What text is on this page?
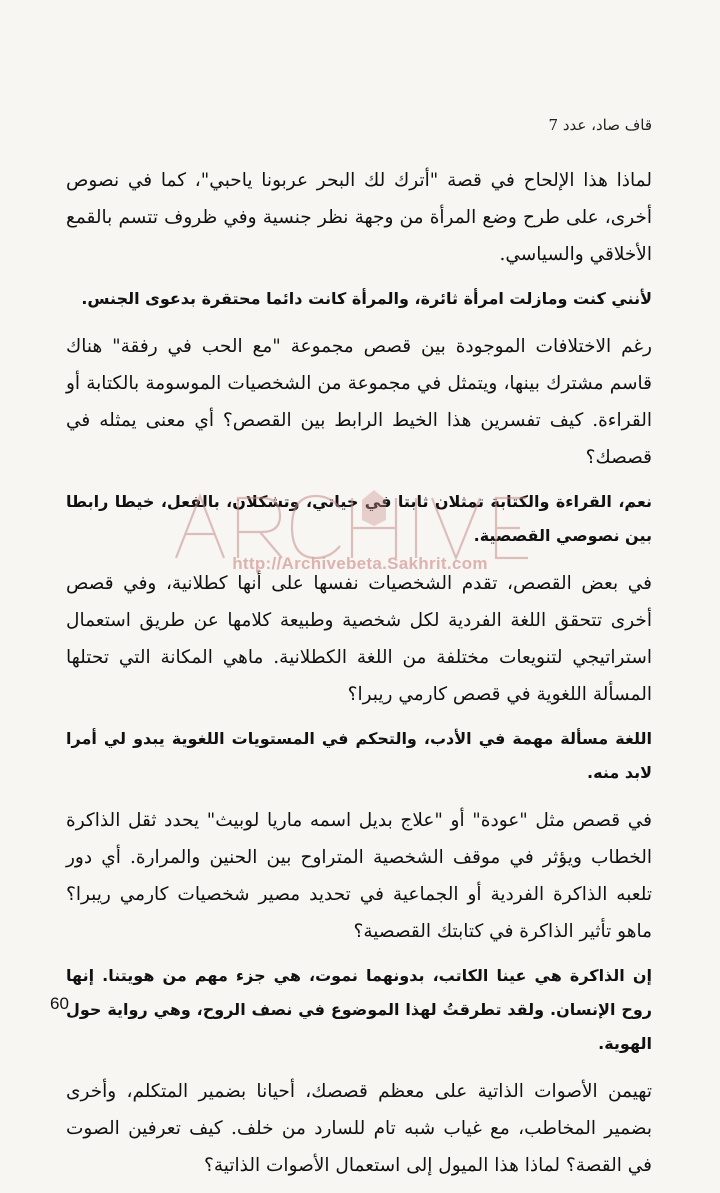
قاف صاد، عدد 7

لماذا هذا الإلحاح في قصة "أترك لك البحر عربونا ياحبي"، كما في نصوص أخرى، على طرح وضع المرأة من وجهة نظر جنسية وفي ظروف تتسم بالقمع الأخلاقي والسياسي.

لأنني كنت ومازلت امرأة ثائرة، والمرأة كانت دائما محتقرة بدعوى الجنس.

رغم الاختلافات الموجودة بين قصص مجموعة "مع الحب في رفقة" هناك قاسم مشترك بينها، ويتمثل في مجموعة من الشخصيات الموسومة بالكتابة أو القراءة. كيف تفسرين هذا الخيط الرابط بين القصص؟ أي معنى يمثله في قصصك؟

نعم، القراءة والكتابة تمثلان ثابتا في حياتي، وتشكلان، بالفعل، خيطا رابطا بين نصوصي القصصية.

في بعض القصص، تقدم الشخصيات نفسها على أنها كطلانية، وفي قصص أخرى تتحقق اللغة الفردية لكل شخصية وطبيعة كلامها عن طريق استعمال استراتيجي لتنويعات مختلفة من اللغة الكطلانية. ماهي المكانة التي تحتلها المسألة اللغوية في قصص كارمي ريبرا؟

اللغة مسألة مهمة في الأدب، والتحكم في المستويات اللغوية يبدو لي أمرا لابد منه.

في قصص مثل "عودة" أو "علاج بديل اسمه ماريا لوبيث" يحدد ثقل الذاكرة الخطاب ويؤثر في موقف الشخصية المتراوح بين الحنين والمرارة. أي دور تلعبه الذاكرة الفردية أو الجماعية في تحديد مصير شخصيات كارمي ريبرا؟ ماهو تأثير الذاكرة في كتابتك القصصية؟

إن الذاكرة هي عينا الكاتب، بدونهما نموت، هي جزء مهم من هويتنا. إنها روح الإنسان. ولقد تطرقتُ لهذا الموضوع في نصف الروح، وهي رواية حول الهوية.

تهيمن الأصوات الذاتية على معظم قصصك، أحيانا بضمير المتكلم، وأخرى بضمير المخاطب، مع غياب شبه تام للسارد من خلف. كيف تعرفين الصوت في القصة؟ لماذا هذا الميول إلى استعمال الأصوات الذاتية؟

http://Archivebeta.Sakhrit.com
60
